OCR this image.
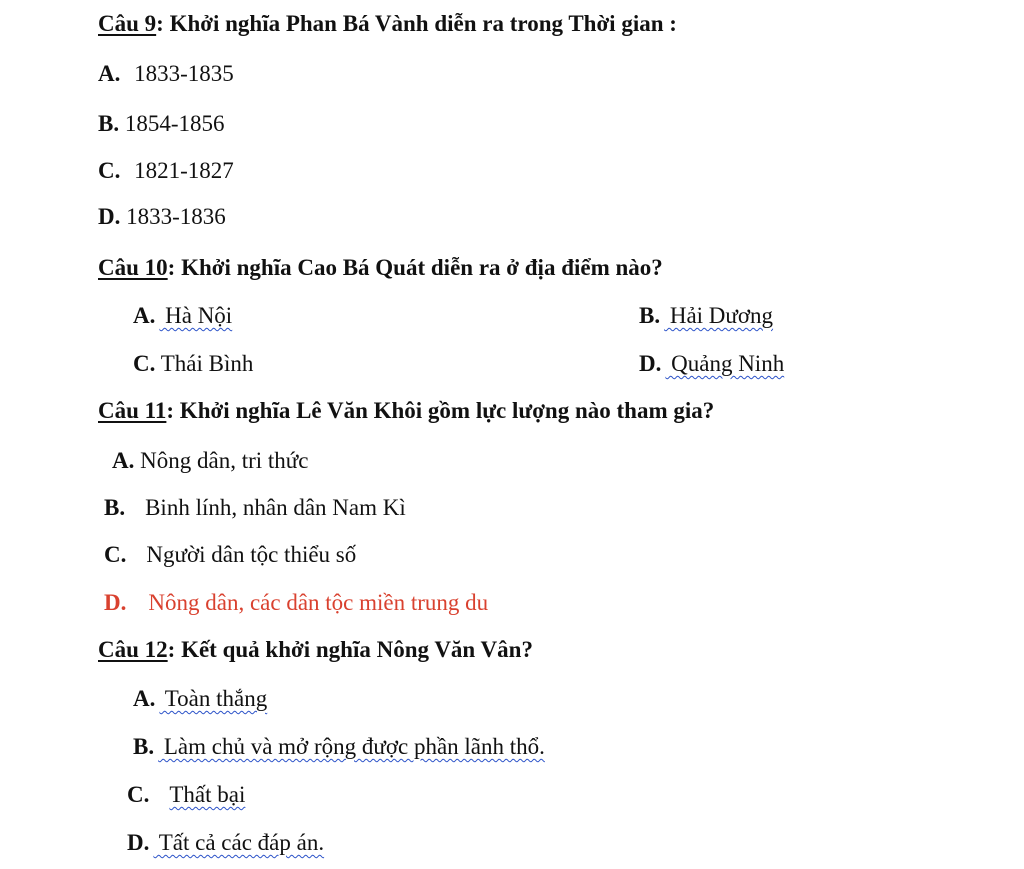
Câu 9: Khởi nghĩa Phan Bá Vành diễn ra trong Thời gian :
A. 1833-1835
B. 1854-1856
C. 1821-1827
D. 1833-1836
Câu 10: Khởi nghĩa Cao Bá Quát diễn ra ở địa điểm nào?
A. Hà Nội	B. Hải Dương
C. Thái Bình	D. Quảng Ninh
Câu 11: Khởi nghĩa Lê Văn Khôi gồm lực lượng nào tham gia?
A. Nông dân, tri thức
B. Binh lính, nhân dân Nam Kì
C. Người dân tộc thiểu số
D. Nông dân, các dân tộc miền trung du
Câu 12: Kết quả khởi nghĩa Nông Văn Vân?
A. Toàn thắng
B. Làm chủ và mở rộng được phần lãnh thổ.
C. Thất bại
D. Tất cả các đáp án.
